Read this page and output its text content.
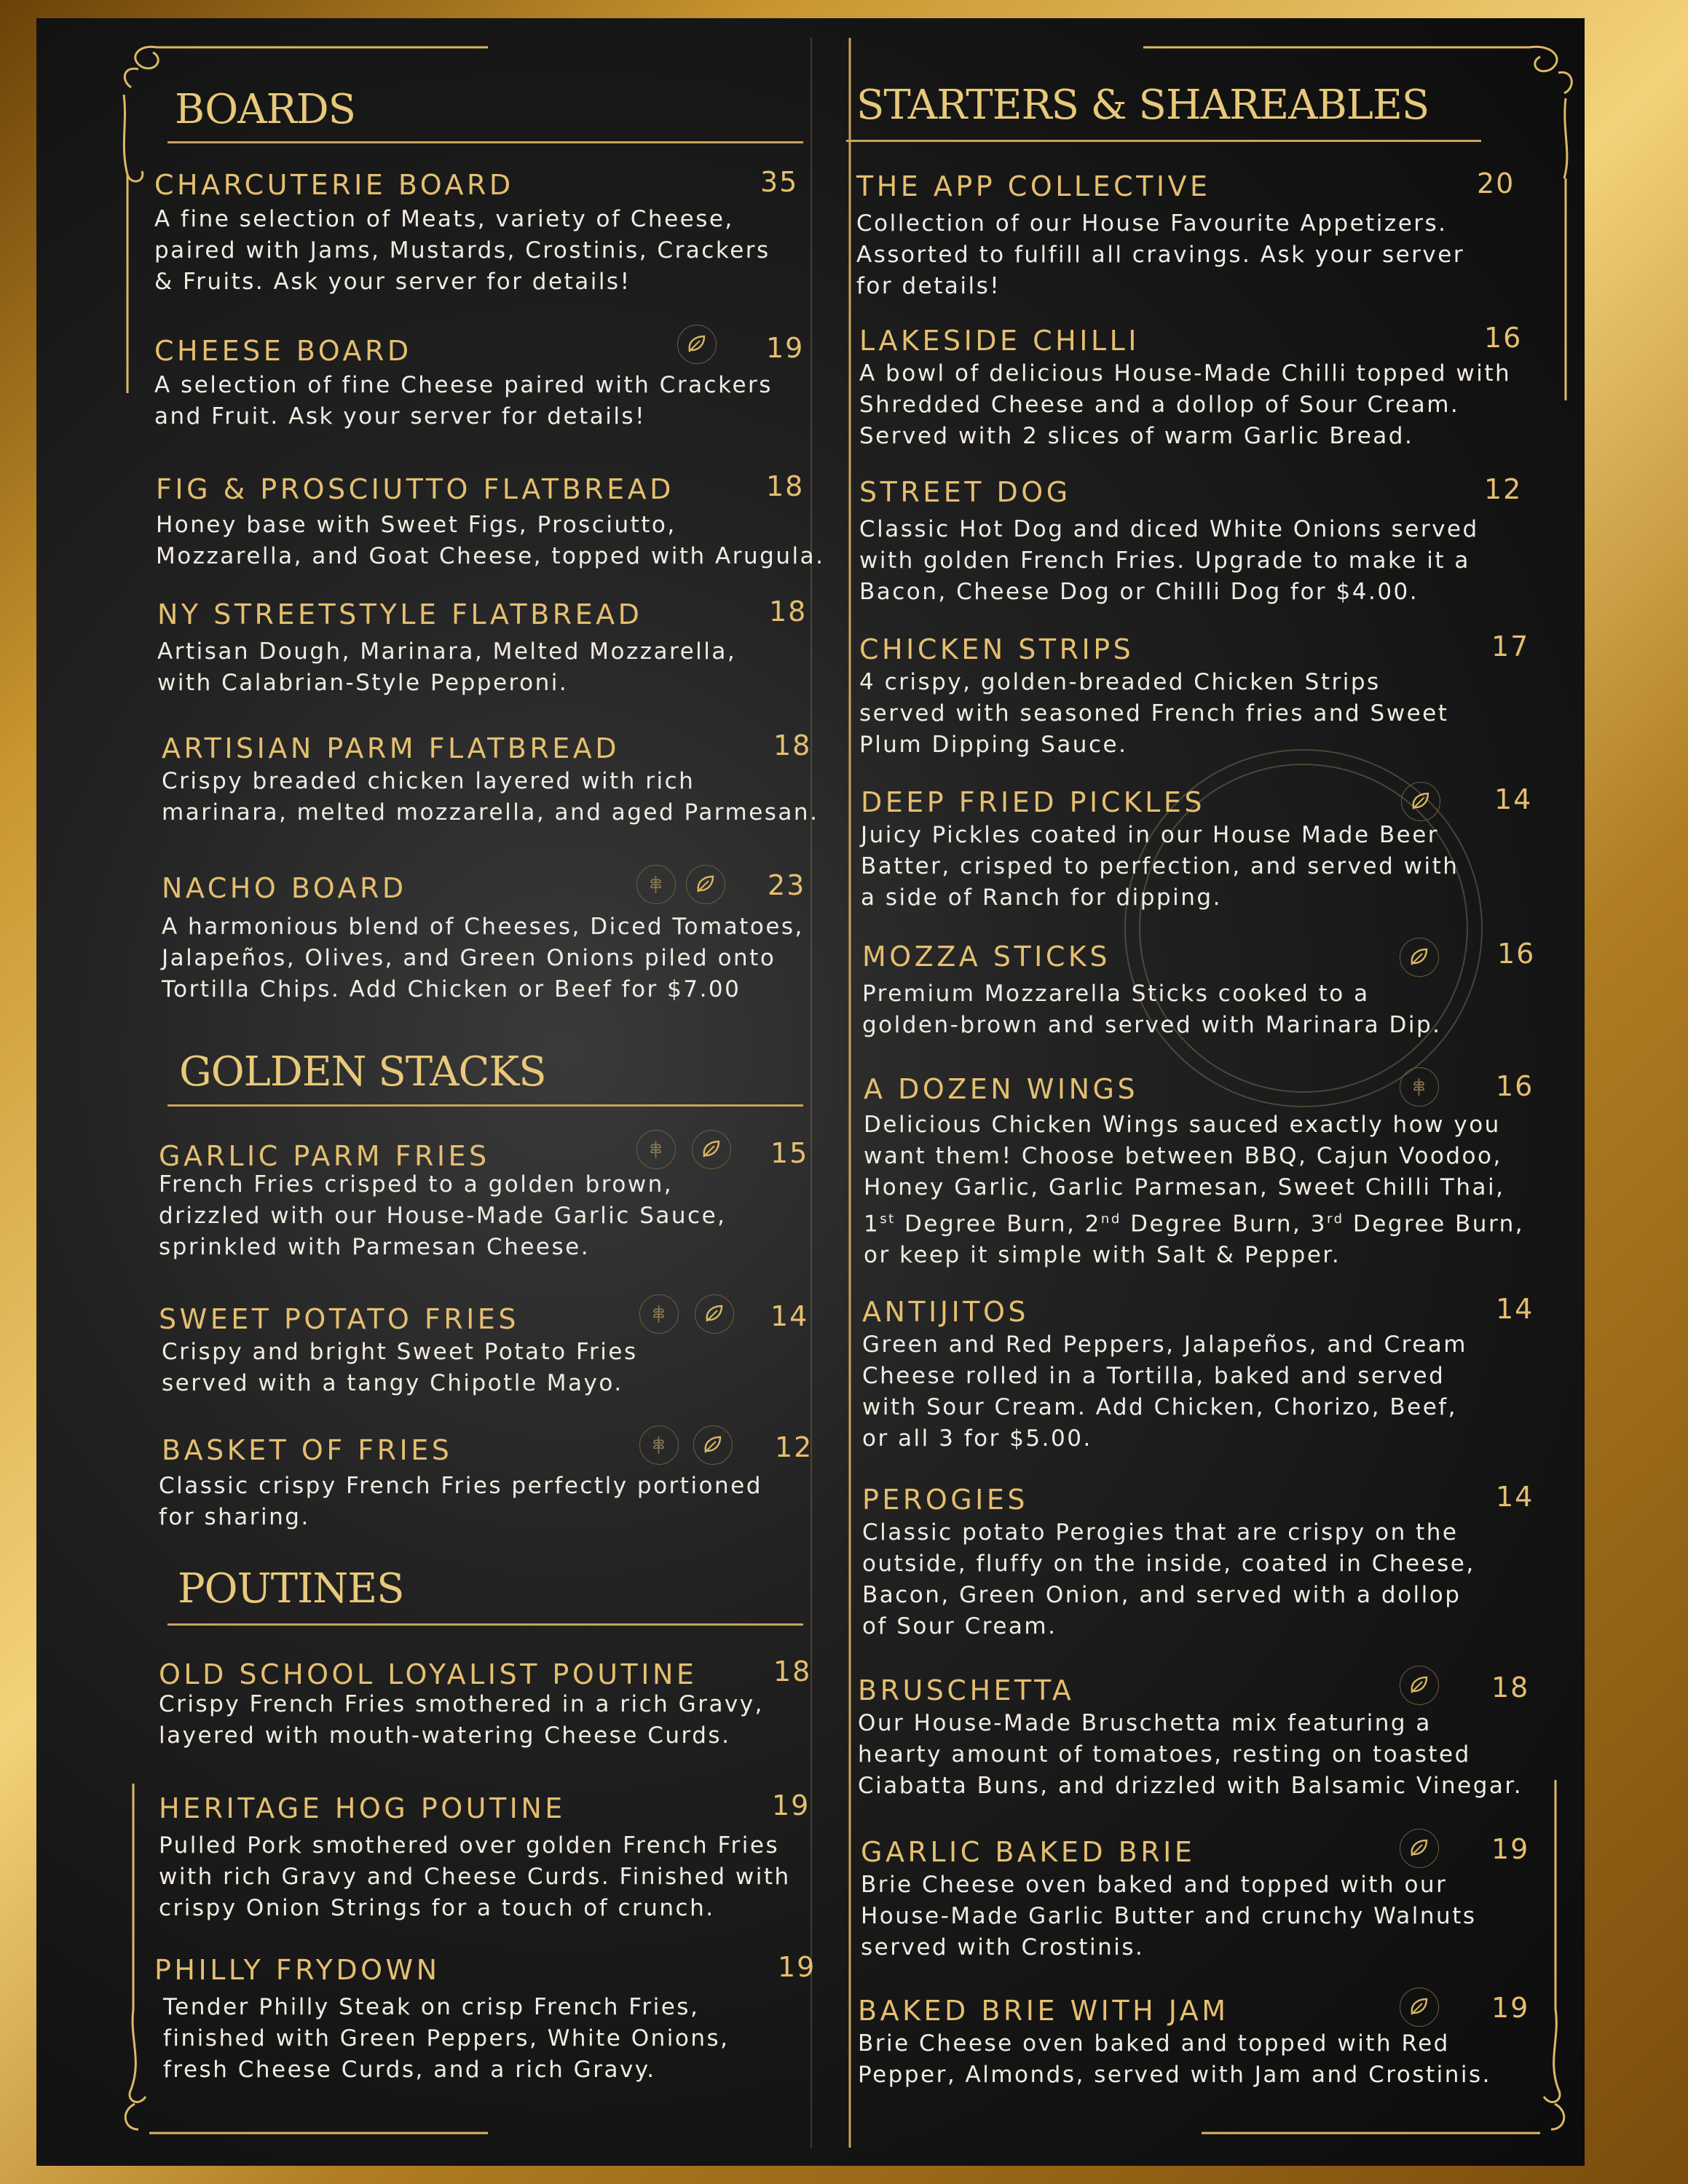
BOARDS
CHARCUTERIE BOARD	35
A fine selection of Meats, variety of Cheese,
paired with Jams, Mustards, Crostinis, Crackers
& Fruits. Ask your server for details!
CHEESE BOARD	19
A selection of fine Cheese paired with Crackers
and Fruit. Ask your server for details!
FIG & PROSCIUTTO FLATBREAD	18
Honey base with Sweet Figs, Prosciutto,
Mozzarella, and Goat Cheese, topped with Arugula.
NY STREETSTYLE FLATBREAD	18
Artisan Dough, Marinara, Melted Mozzarella,
with Calabrian-Style Pepperoni.
ARTISIAN PARM FLATBREAD	18
Crispy breaded chicken layered with rich
marinara, melted mozzarella, and aged Parmesan.
NACHO BOARD	23
A harmonious blend of Cheeses, Diced Tomatoes,
Jalapeños, Olives, and Green Onions piled onto
Tortilla Chips. Add Chicken or Beef for $7.00
GOLDEN STACKS
GARLIC PARM FRIES	15
French Fries crisped to a golden brown,
drizzled with our House-Made Garlic Sauce,
sprinkled with Parmesan Cheese.
SWEET POTATO FRIES	14
Crispy and bright Sweet Potato Fries
served with a tangy Chipotle Mayo.
BASKET OF FRIES	12
Classic crispy French Fries perfectly portioned
for sharing.
POUTINES
OLD SCHOOL LOYALIST POUTINE	18
Crispy French Fries smothered in a rich Gravy,
layered with mouth-watering Cheese Curds.
HERITAGE HOG POUTINE	19
Pulled Pork smothered over golden French Fries
with rich Gravy and Cheese Curds. Finished with
crispy Onion Strings for a touch of crunch.
PHILLY FRYDOWN	19
Tender Philly Steak on crisp French Fries,
finished with Green Peppers, White Onions,
fresh Cheese Curds, and a rich Gravy.
STARTERS & SHAREABLES
THE APP COLLECTIVE	20
Collection of our House Favourite Appetizers.
Assorted to fulfill all cravings. Ask your server
for details!
LAKESIDE CHILLI	16
A bowl of delicious House-Made Chilli topped with
Shredded Cheese and a dollop of Sour Cream.
Served with 2 slices of warm Garlic Bread.
STREET DOG	12
Classic Hot Dog and diced White Onions served
with golden French Fries. Upgrade to make it a
Bacon, Cheese Dog or Chilli Dog for $4.00.
CHICKEN STRIPS	17
4 crispy, golden-breaded Chicken Strips
served with seasoned French fries and Sweet
Plum Dipping Sauce.
DEEP FRIED PICKLES	14
Juicy Pickles coated in our House Made Beer
Batter, crisped to perfection, and served with
a side of Ranch for dipping.
MOZZA STICKS	16
Premium Mozzarella Sticks cooked to a
golden-brown and served with Marinara Dip.
A DOZEN WINGS	16
Delicious Chicken Wings sauced exactly how you
want them! Choose between BBQ, Cajun Voodoo,
Honey Garlic, Garlic Parmesan, Sweet Chilli Thai,
1st Degree Burn, 2nd Degree Burn, 3rd Degree Burn,
or keep it simple with Salt & Pepper.
ANTIJITOS	14
Green and Red Peppers, Jalapeños, and Cream
Cheese rolled in a Tortilla, baked and served
with Sour Cream. Add Chicken, Chorizo, Beef,
or all 3 for $5.00.
PEROGIES	14
Classic potato Perogies that are crispy on the
outside, fluffy on the inside, coated in Cheese,
Bacon, Green Onion, and served with a dollop
of Sour Cream.
BRUSCHETTA	18
Our House-Made Bruschetta mix featuring a
hearty amount of tomatoes, resting on toasted
Ciabatta Buns, and drizzled with Balsamic Vinegar.
GARLIC BAKED BRIE	19
Brie Cheese oven baked and topped with our
House-Made Garlic Butter and crunchy Walnuts
served with Crostinis.
BAKED BRIE WITH JAM	19
Brie Cheese oven baked and topped with Red
Pepper, Almonds, served with Jam and Crostinis.
